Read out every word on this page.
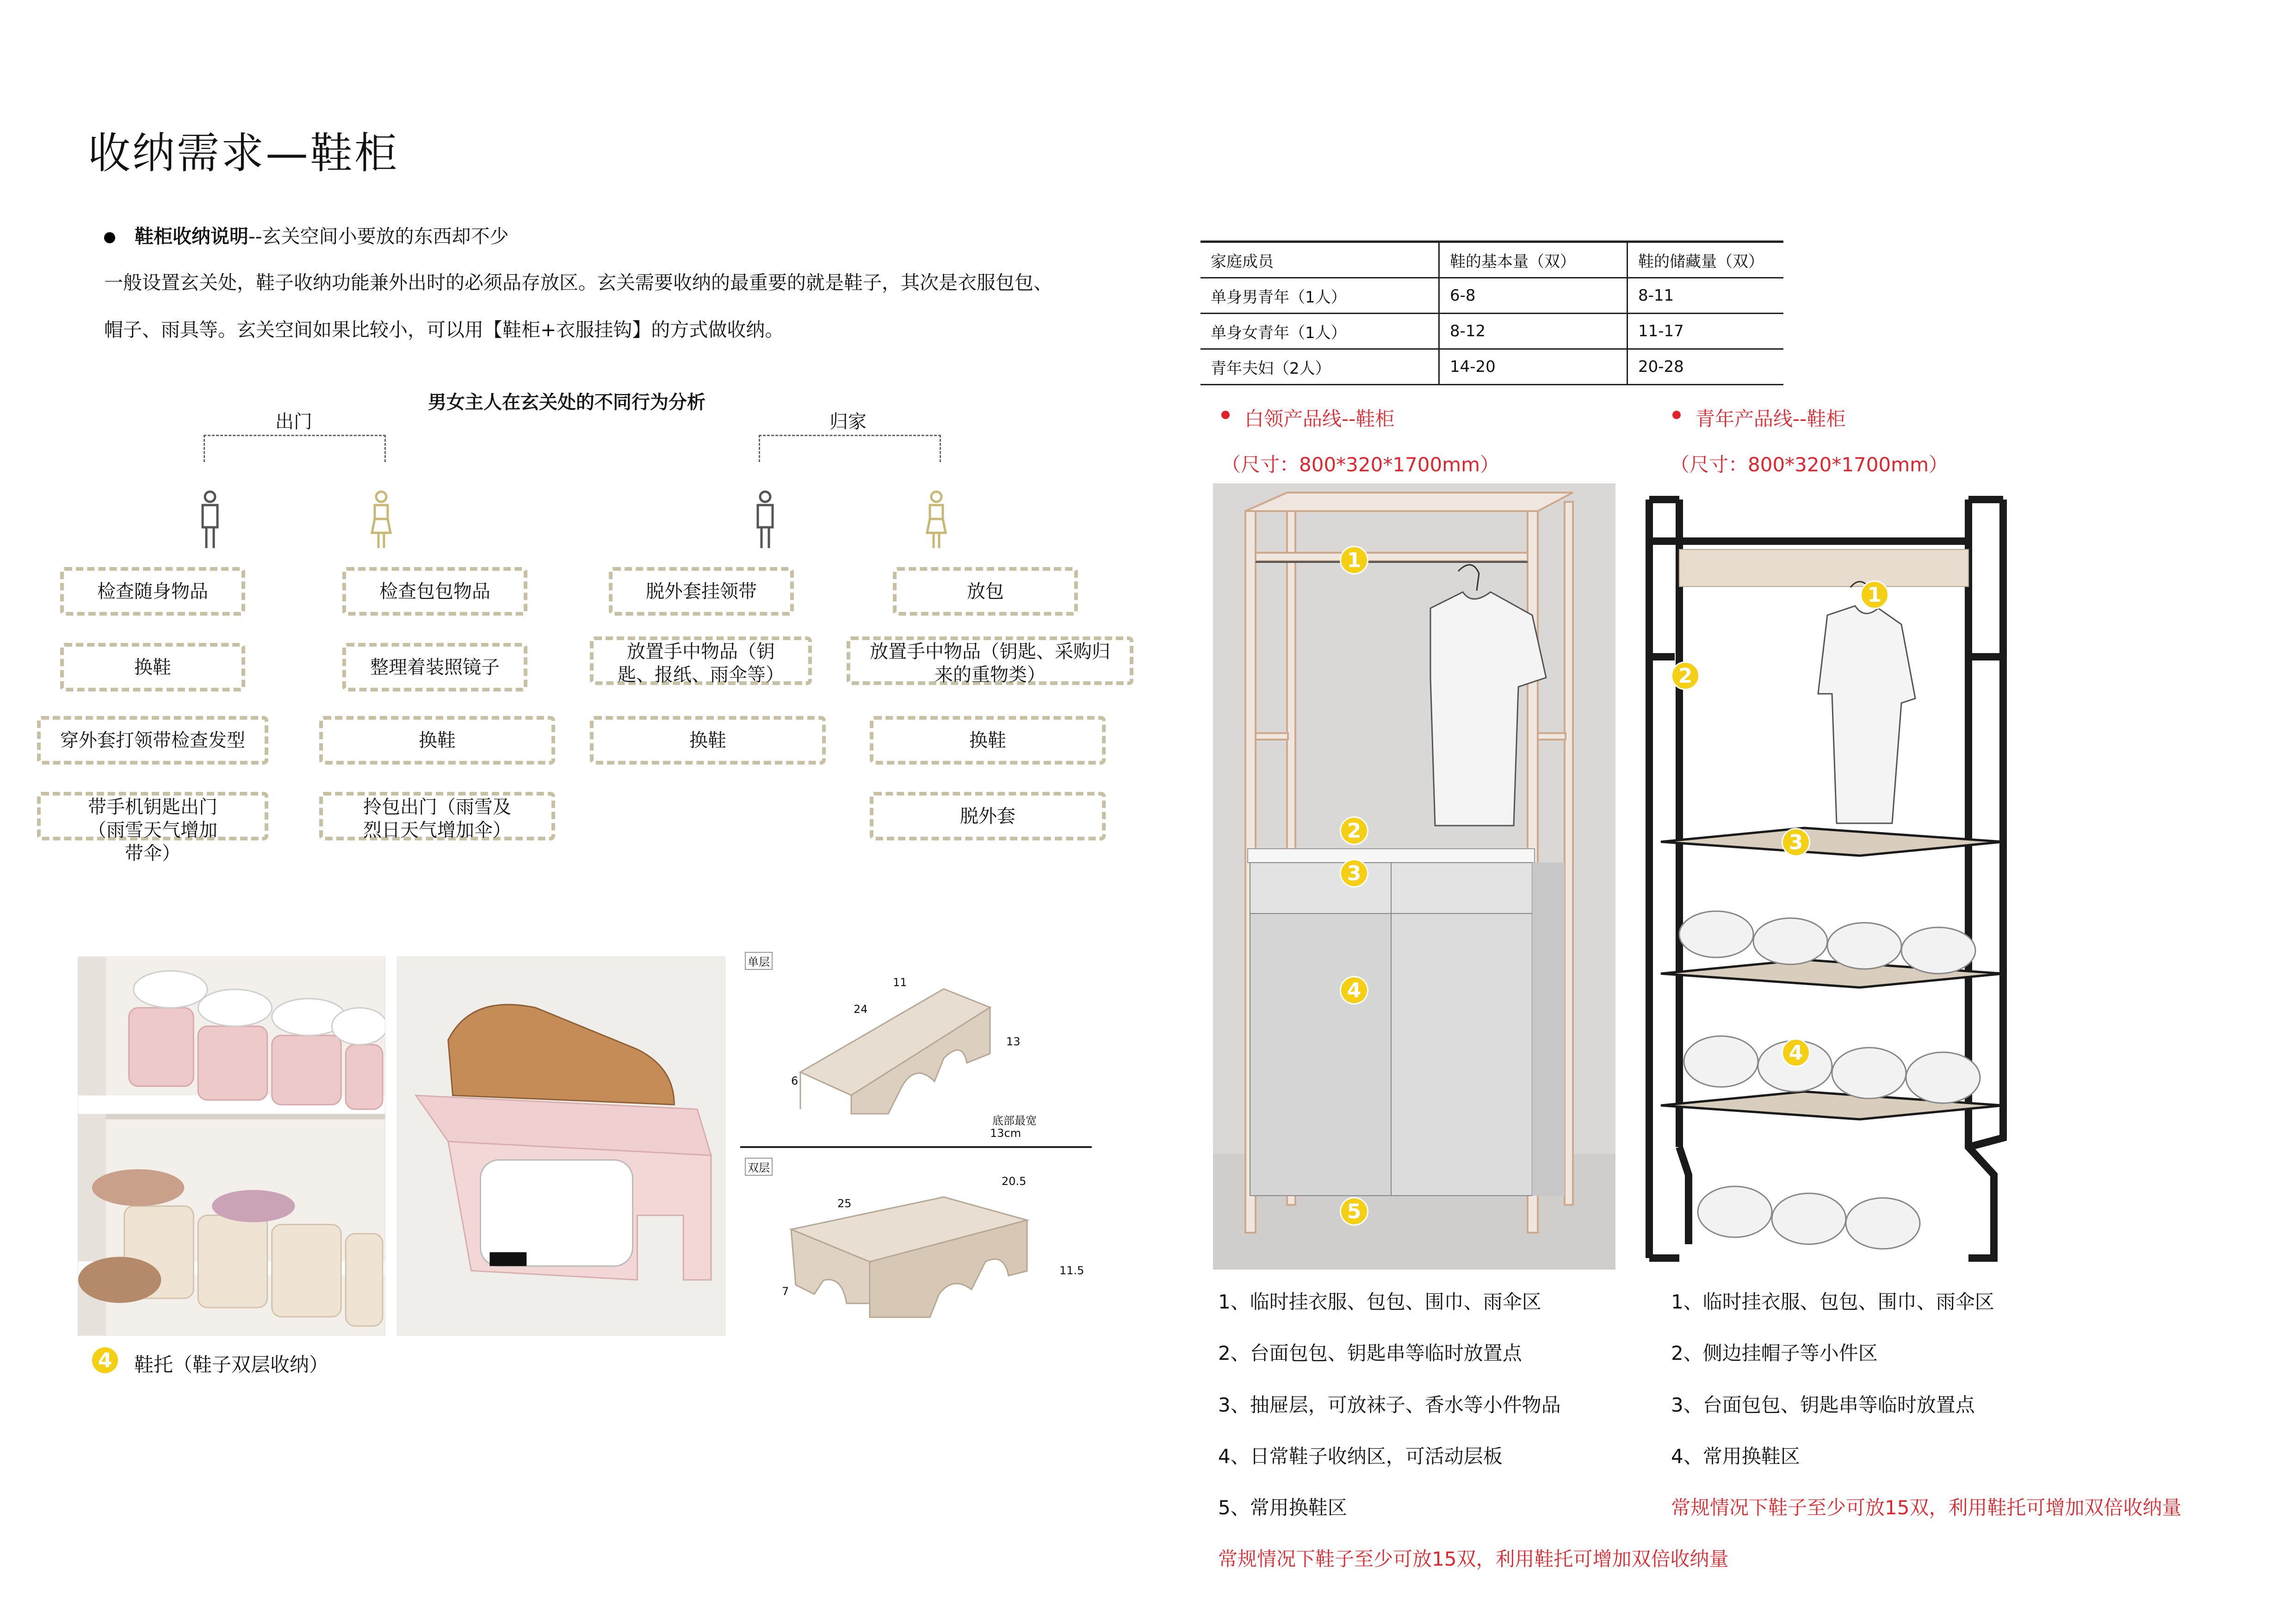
收纳需求—鞋柜
鞋柜收纳说明--玄关空间小要放的东西却不少
一般设置玄关处，鞋子收纳功能兼外出时的必须品存放区。玄关需要收纳的最重要的就是鞋子，其次是衣服包包、
帽子、雨具等。玄关空间如果比较小，可以用【鞋柜+衣服挂钩】的方式做收纳。
男女主人在玄关处的不同行为分析
出门	归家
检查随身物品
换鞋
穿外套打领带检查发型
带手机钥匙出门（雨雪天气增加带伞）
检查包包物品
整理着装照镜子
换鞋
拎包出门（雨雪及烈日天气增加伞）
脱外套挂领带
放置手中物品（钥匙、报纸、雨伞等）
换鞋
放包
放置手中物品（钥匙、采购归来的重物类）
换鞋
脱外套
单层
11
24
13
6
底部最宽
13cm
双层
25
20.5
7
11.5
4	鞋托（鞋子双层收纳）
家庭成员	鞋的基本量（双）	鞋的储藏量（双）
单身男青年（1人）	6-8	8-11
单身女青年（1人）	8-12	11-17
青年夫妇（2人）	14-20	20-28
白领产品线--鞋柜
（尺寸：800*320*1700mm）
1
2
3
4
5
1、临时挂衣服、包包、围巾、雨伞区
2、台面包包、钥匙串等临时放置点
3、抽屉层，可放袜子、香水等小件物品
4、日常鞋子收纳区，可活动层板
5、常用换鞋区
常规情况下鞋子至少可放15双，利用鞋托可增加双倍收纳量
青年产品线--鞋柜
（尺寸：800*320*1700mm）
1
2
3
4
1、临时挂衣服、包包、围巾、雨伞区
2、侧边挂帽子等小件区
3、台面包包、钥匙串等临时放置点
4、常用换鞋区
常规情况下鞋子至少可放15双，利用鞋托可增加双倍收纳量
